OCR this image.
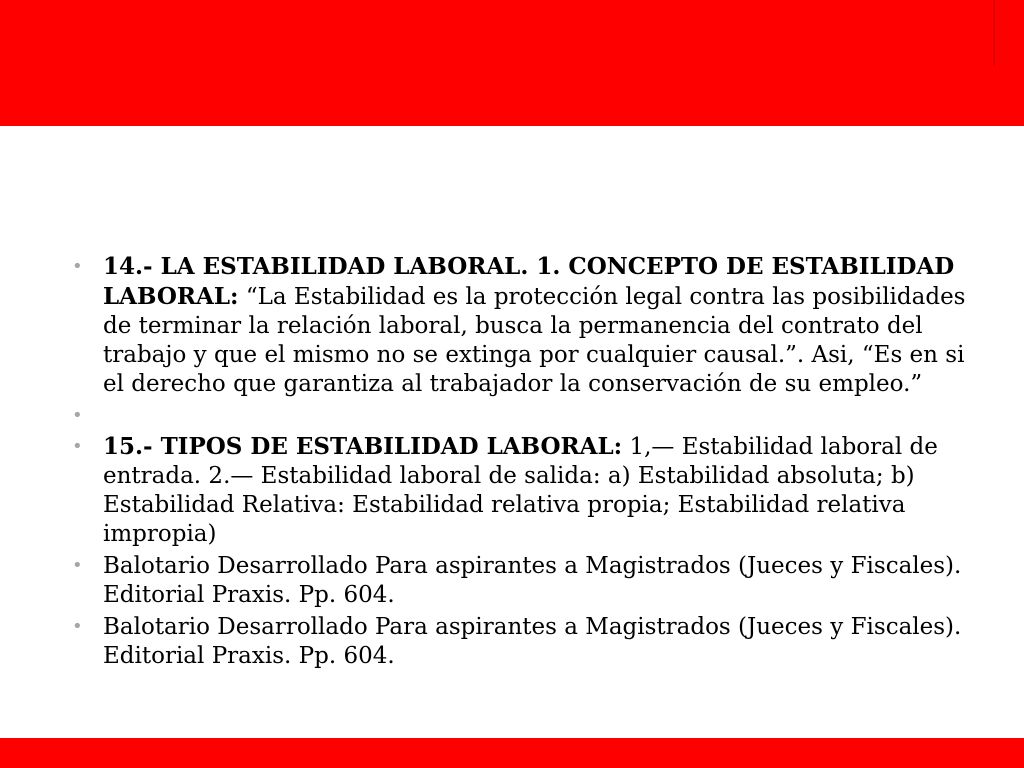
• 14.- LA ESTABILIDAD LABORAL. 1. CONCEPTO DE ESTABILIDAD LABORAL: “La Estabilidad es la protección legal contra las posibilidades de terminar la relación laboral, busca la permanencia del contrato del trabajo y que el mismo no se extinga por cualquier causal.”. Asi, “Es en si el derecho que garantiza al trabajador la conservación de su empleo.”
•
• 15.- TIPOS DE ESTABILIDAD LABORAL: 1,— Estabilidad laboral de entrada. 2.— Estabilidad laboral de salida: a) Estabilidad absoluta; b) Estabilidad Relativa: Estabilidad relativa propia; Estabilidad relativa impropia)
• Balotario Desarrollado Para aspirantes a Magistrados (Jueces y Fiscales). Editorial Praxis. Pp. 604.
• Balotario Desarrollado Para aspirantes a Magistrados (Jueces y Fiscales). Editorial Praxis. Pp. 604.
